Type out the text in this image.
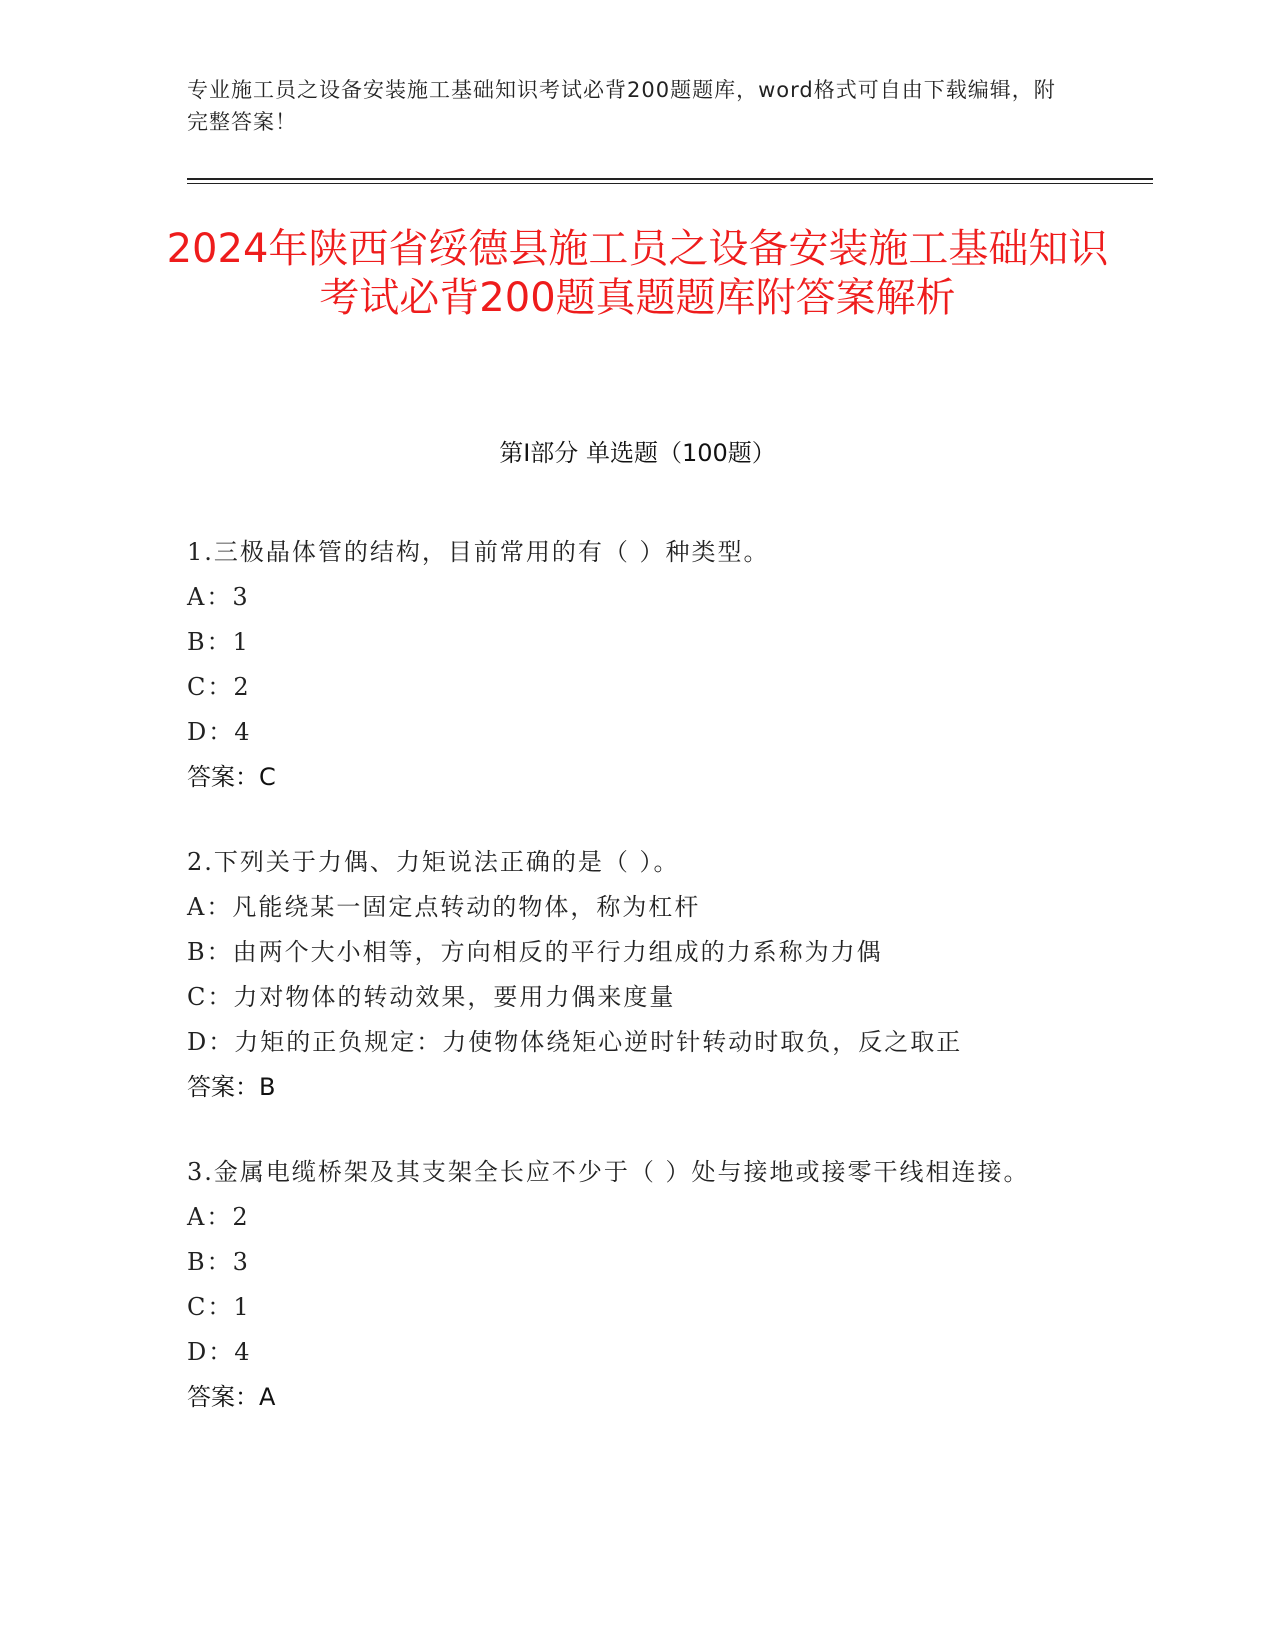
专业施工员之设备安装施工基础知识考试必背200题题库，word格式可自由下载编辑，附完整答案！
2024年陕西省绥德县施工员之设备安装施工基础知识考试必背200题真题题库附答案解析
第Ⅰ部分 单选题（100题）
1.三极晶体管的结构，目前常用的有（ ）种类型。
A：3
B：1
C：2
D：4
答案：C
2.下列关于力偶、力矩说法正确的是（ ）。
A：凡能绕某一固定点转动的物体，称为杠杆
B：由两个大小相等，方向相反的平行力组成的力系称为力偶
C：力对物体的转动效果，要用力偶来度量
D：力矩的正负规定：力使物体绕矩心逆时针转动时取负，反之取正
答案：B
3.金属电缆桥架及其支架全长应不少于（ ）处与接地或接零干线相连接。
A：2
B：3
C：1
D：4
答案：A
